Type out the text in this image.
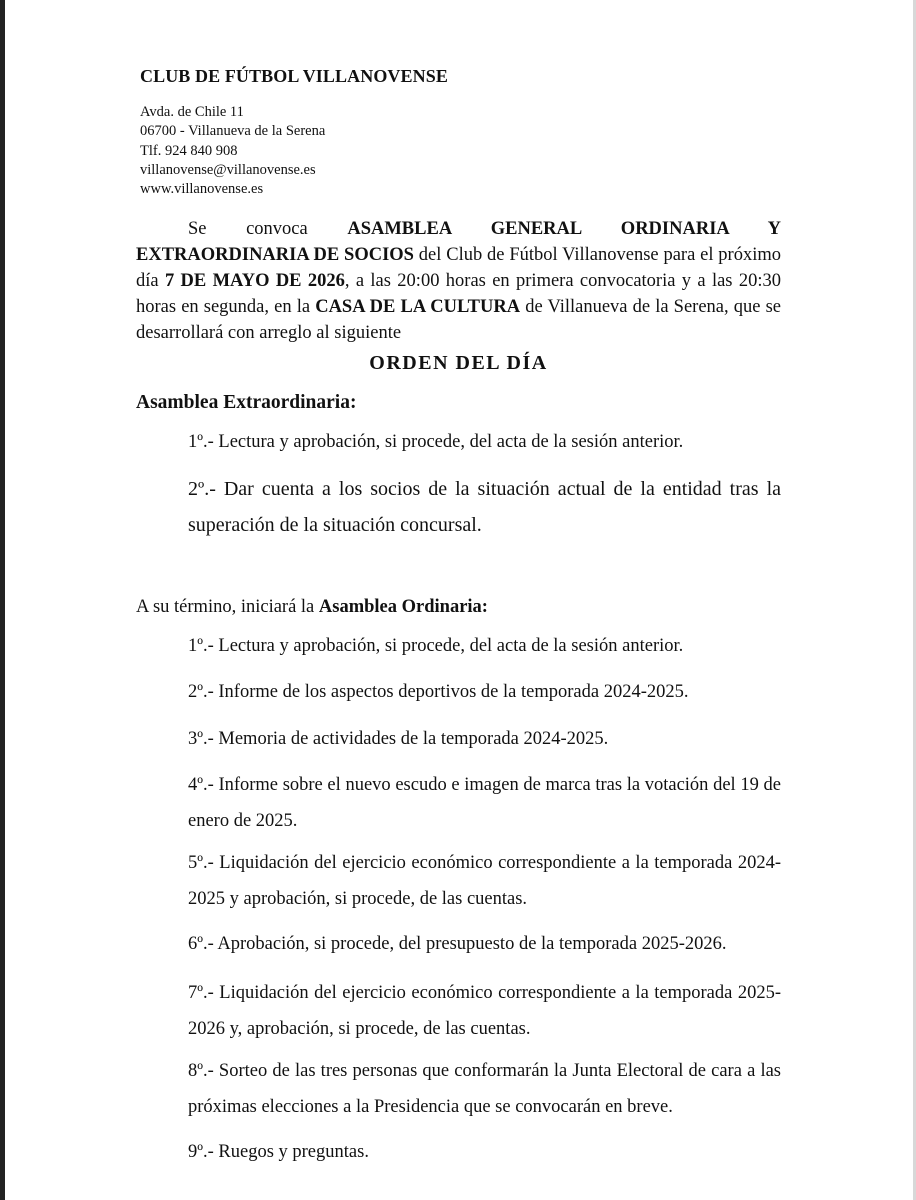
CLUB DE FÚTBOL VILLANOVENSE
Avda. de Chile 11
06700 - Villanueva de la Serena
Tlf. 924 840 908
villanovense@villanovense.es
www.villanovense.es
Se convoca ASAMBLEA GENERAL ORDINARIA Y EXTRAORDINARIA DE SOCIOS del Club de Fútbol Villanovense para el próximo día 7 DE MAYO DE 2026, a las 20:00 horas en primera convocatoria y a las 20:30 horas en segunda, en la CASA DE LA CULTURA de Villanueva de la Serena, que se desarrollará con arreglo al siguiente
ORDEN DEL DÍA
Asamblea Extraordinaria:
1º.- Lectura y aprobación, si procede, del acta de la sesión anterior.
2º.- Dar cuenta a los socios de la situación actual de la entidad tras la superación de la situación concursal.
A su término, iniciará la Asamblea Ordinaria:
1º.- Lectura y aprobación, si procede, del acta de la sesión anterior.
2º.- Informe de los aspectos deportivos de la temporada 2024-2025.
3º.- Memoria de actividades de la temporada 2024-2025.
4º.- Informe sobre el nuevo escudo e imagen de marca tras la votación del 19 de enero de 2025.
5º.- Liquidación del ejercicio económico correspondiente a la temporada 2024-2025 y aprobación, si procede, de las cuentas.
6º.- Aprobación, si procede, del presupuesto de la temporada 2025-2026.
7º.- Liquidación del ejercicio económico correspondiente a la temporada 2025-2026 y, aprobación, si procede, de las cuentas.
8º.- Sorteo de las tres personas que conformarán la Junta Electoral de cara a las próximas elecciones a la Presidencia que se convocarán en breve.
9º.- Ruegos y preguntas.
